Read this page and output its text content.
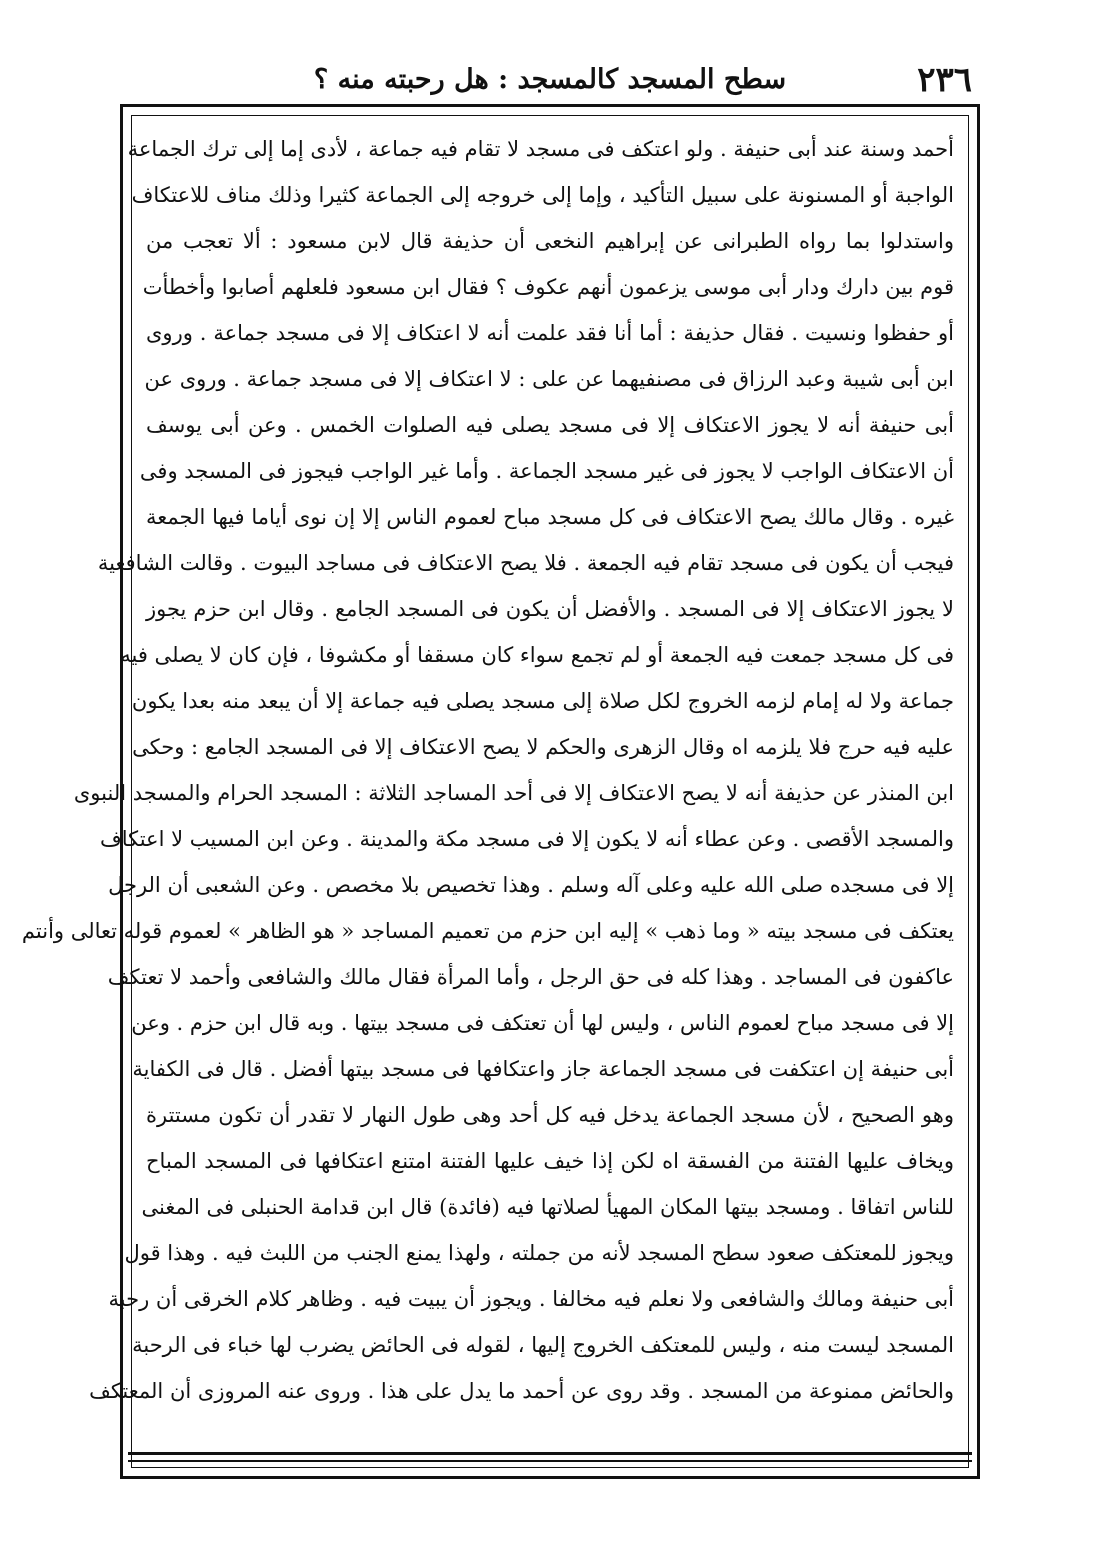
٢٣٦
سطح المسجد كالمسجد : هل رحبته منه ؟
أحمد وسنة عند أبى حنيفة . ولو اعتكف فى مسجد لا تقام فيه جماعة ، لأدى إما إلى ترك الجماعة
الواجبة أو المسنونة على سبيل التأكيد ، وإما إلى خروجه إلى الجماعة كثيرا وذلك مناف للاعتكاف
واستدلوا بما رواه الطبرانى عن إبراهيم النخعى أن حذيفة قال لابن مسعود : ألا تعجب من
قوم بين دارك ودار أبى موسى يزعمون أنهم عكوف ؟ فقال ابن مسعود فلعلهم أصابوا وأخطأت
أو حفظوا ونسيت . فقال حذيفة : أما أنا فقد علمت أنه لا اعتكاف إلا فى مسجد جماعة . وروى
ابن أبى شيبة وعبد الرزاق فى مصنفيهما عن على : لا اعتكاف إلا فى مسجد جماعة . وروى عن
أبى حنيفة أنه لا يجوز الاعتكاف إلا فى مسجد يصلى فيه الصلوات الخمس . وعن أبى يوسف
أن الاعتكاف الواجب لا يجوز فى غير مسجد الجماعة . وأما غير الواجب فيجوز فى المسجد وفى
غيره . وقال مالك يصح الاعتكاف فى كل مسجد مباح لعموم الناس إلا إن نوى أياما فيها الجمعة
فيجب أن يكون فى مسجد تقام فيه الجمعة . فلا يصح الاعتكاف فى مساجد البيوت . وقالت الشافعية
لا يجوز الاعتكاف إلا فى المسجد . والأفضل أن يكون فى المسجد الجامع . وقال ابن حزم يجوز
فى كل مسجد جمعت فيه الجمعة أو لم تجمع سواء كان مسقفا أو مكشوفا ، فإن كان لا يصلى فيه
جماعة ولا له إمام لزمه الخروج لكل صلاة إلى مسجد يصلى فيه جماعة إلا أن يبعد منه بعدا يكون
عليه فيه حرج فلا يلزمه اه وقال الزهرى والحكم لا يصح الاعتكاف إلا فى المسجد الجامع : وحكى
ابن المنذر عن حذيفة أنه لا يصح الاعتكاف إلا فى أحد المساجد الثلاثة : المسجد الحرام والمسجد النبوى
والمسجد الأقصى . وعن عطاء أنه لا يكون إلا فى مسجد مكة والمدينة . وعن ابن المسيب لا اعتكاف
إلا فى مسجده صلى الله عليه وعلى آله وسلم . وهذا تخصيص بلا مخصص . وعن الشعبى أن الرجل
يعتكف فى مسجد بيته « وما ذهب » إليه ابن حزم من تعميم المساجد « هو الظاهر » لعموم قوله تعالى وأنتم
عاكفون فى المساجد . وهذا كله فى حق الرجل ، وأما المرأة فقال مالك والشافعى وأحمد لا تعتكف
إلا فى مسجد مباح لعموم الناس ، وليس لها أن تعتكف فى مسجد بيتها . وبه قال ابن حزم . وعن
أبى حنيفة إن اعتكفت فى مسجد الجماعة جاز واعتكافها فى مسجد بيتها أفضل . قال فى الكفاية
وهو الصحيح ، لأن مسجد الجماعة يدخل فيه كل أحد وهى طول النهار لا تقدر أن تكون مستترة
ويخاف عليها الفتنة من الفسقة اه لكن إذا خيف عليها الفتنة امتنع اعتكافها فى المسجد المباح
للناس اتفاقا . ومسجد بيتها المكان المهيأ لصلاتها فيه (فائدة) قال ابن قدامة الحنبلى فى المغنى
ويجوز للمعتكف صعود سطح المسجد لأنه من جملته ، ولهذا يمنع الجنب من اللبث فيه . وهذا قول
أبى حنيفة ومالك والشافعى ولا نعلم فيه مخالفا . ويجوز أن يبيت فيه . وظاهر كلام الخرقى أن رحبة
المسجد ليست منه ، وليس للمعتكف الخروج إليها ، لقوله فى الحائض يضرب لها خباء فى الرحبة
والحائض ممنوعة من المسجد . وقد روى عن أحمد ما يدل على هذا . وروى عنه المروزى أن المعتكف
